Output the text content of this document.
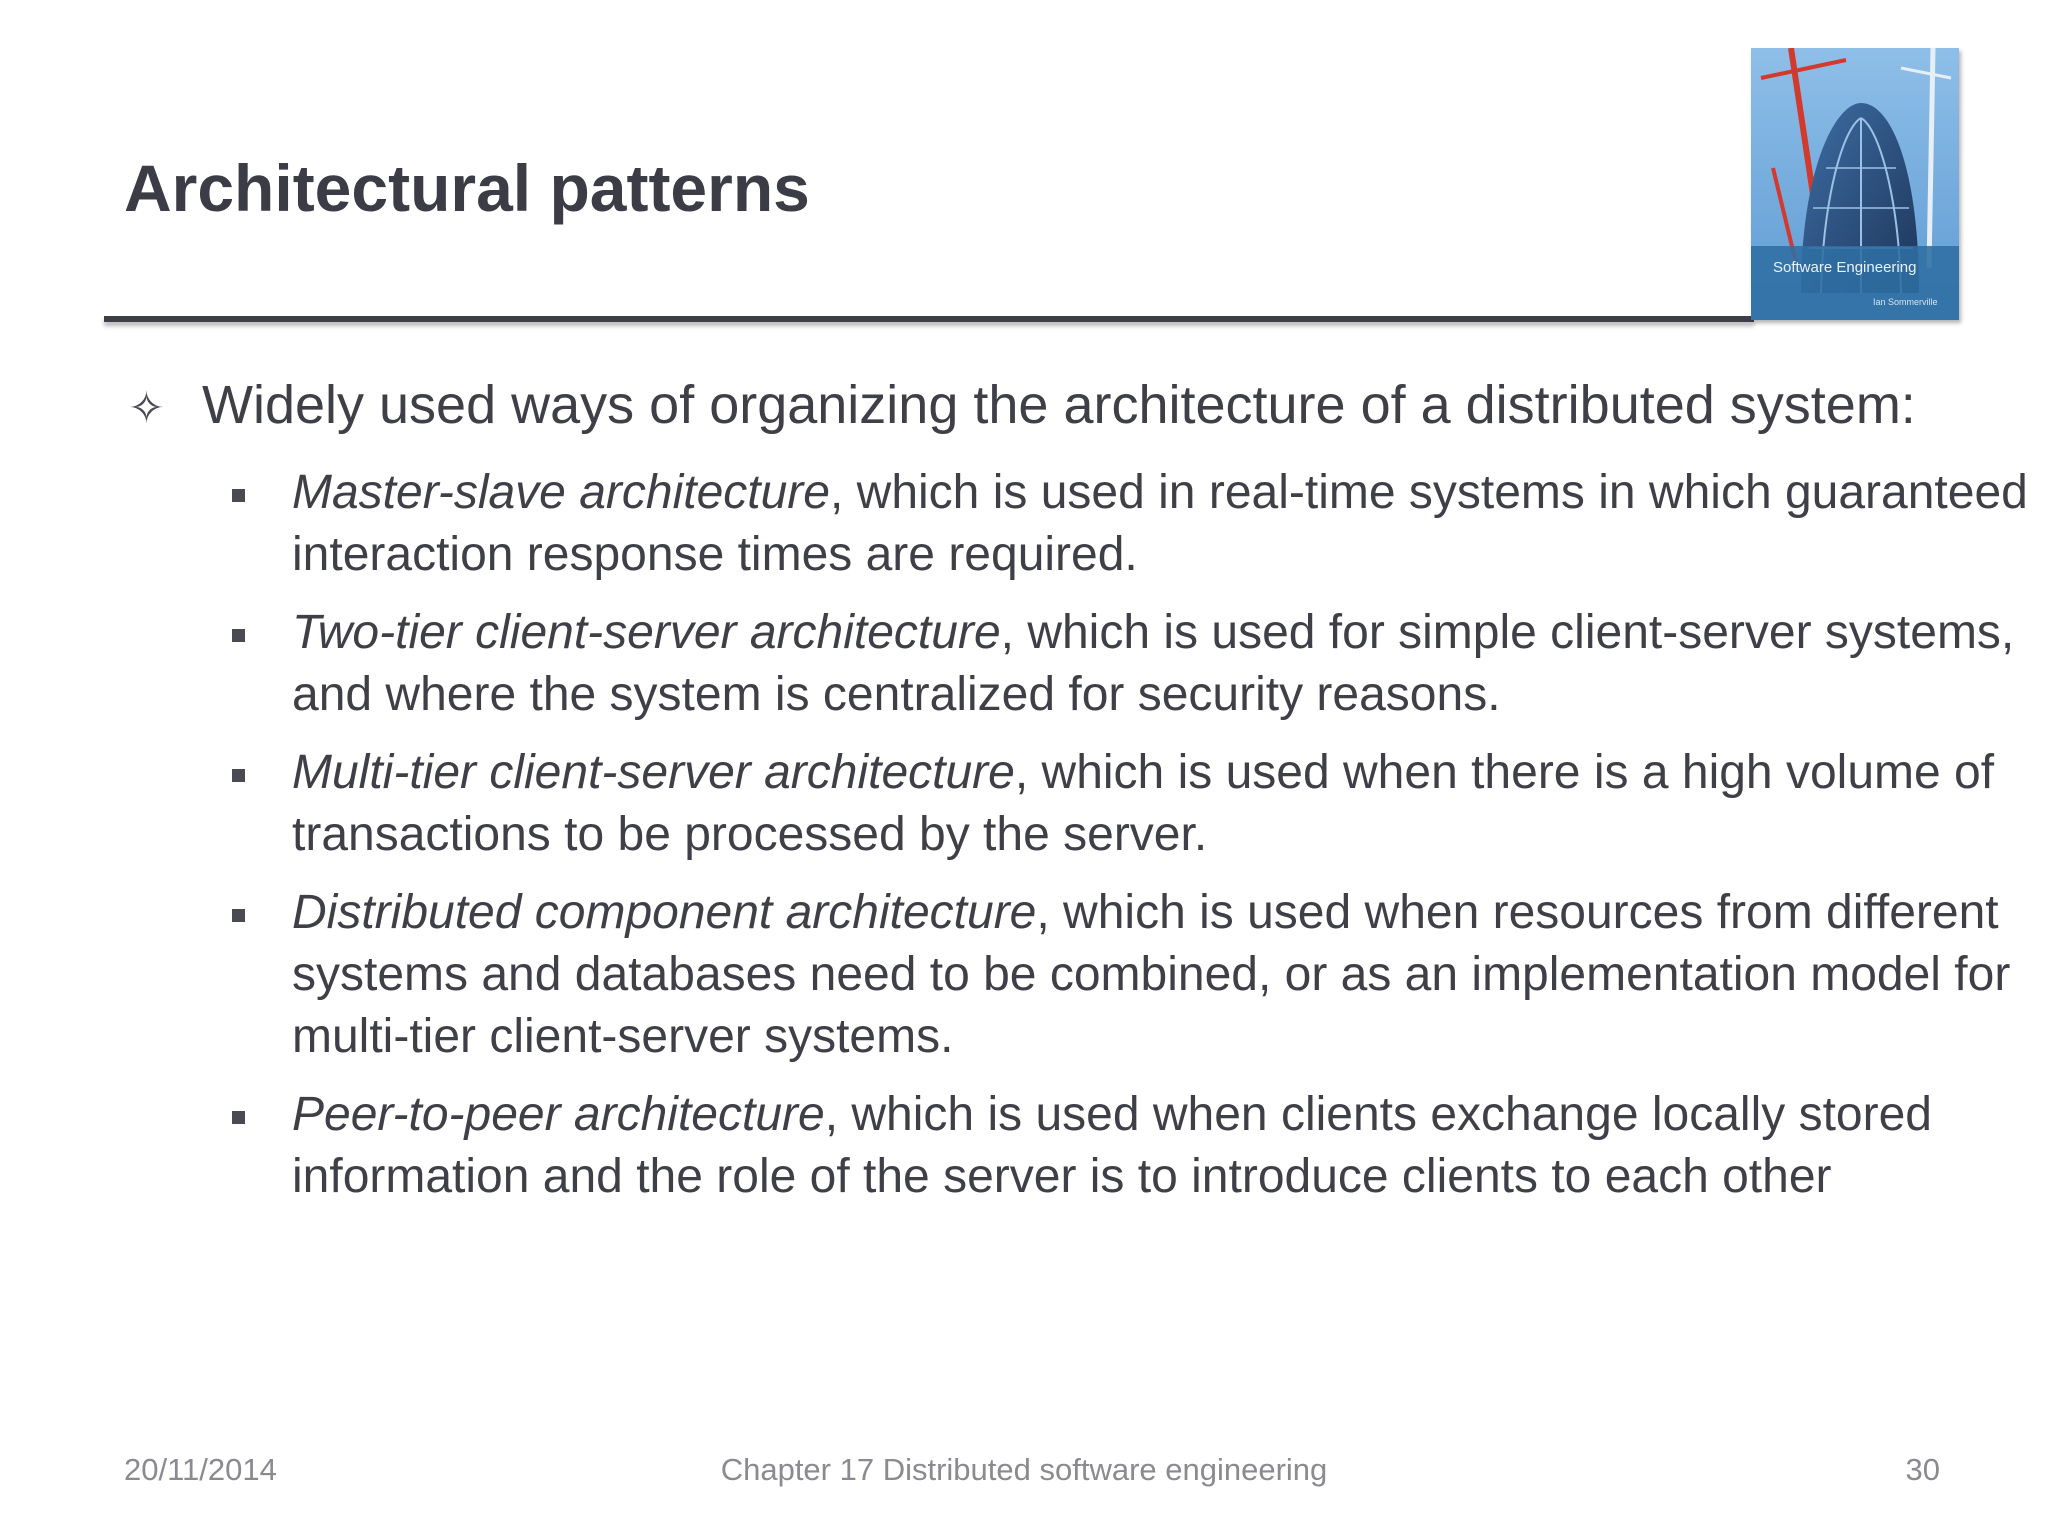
Architectural patterns
Software Engineering
Ian Sommerville
✧ Widely used ways of organizing the architecture of a distributed system:
Master-slave architecture, which is used in real-time systems in which guaranteed interaction response times are required.
Two-tier client-server architecture, which is used for simple client-server systems, and where the system is centralized for security reasons.
Multi-tier client-server architecture, which is used when there is a high volume of transactions to be processed by the server.
Distributed component architecture, which is used when resources from different systems and databases need to be combined, or as an implementation model for multi-tier client-server systems.
Peer-to-peer architecture, which is used when clients exchange locally stored information and the role of the server is to introduce clients to each other
20/11/2014	Chapter 17 Distributed software engineering	30
